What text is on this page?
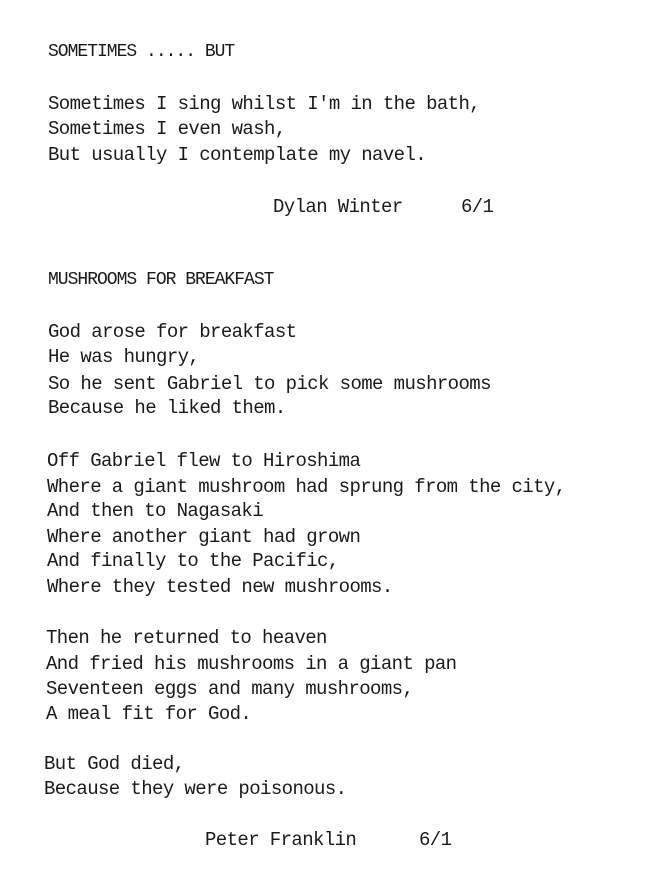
SOMETIMES ..... BUT
Sometimes I sing whilst I'm in the bath,
Sometimes I even wash,
But usually I contemplate my navel.
Dylan Winter	6/1
MUSHROOMS FOR BREAKFAST
God arose for breakfast
He was hungry,
So he sent Gabriel to pick some mushrooms
Because he liked them.
Off Gabriel flew to Hiroshima
Where a giant mushroom had sprung from the city,
And then to Nagasaki
Where another giant had grown
And finally to the Pacific,
Where they tested new mushrooms.
Then he returned to heaven
And fried his mushrooms in a giant pan
Seventeen eggs and many mushrooms,
A meal fit for God.
But God died,
Because they were poisonous.
Peter Franklin	6/1
